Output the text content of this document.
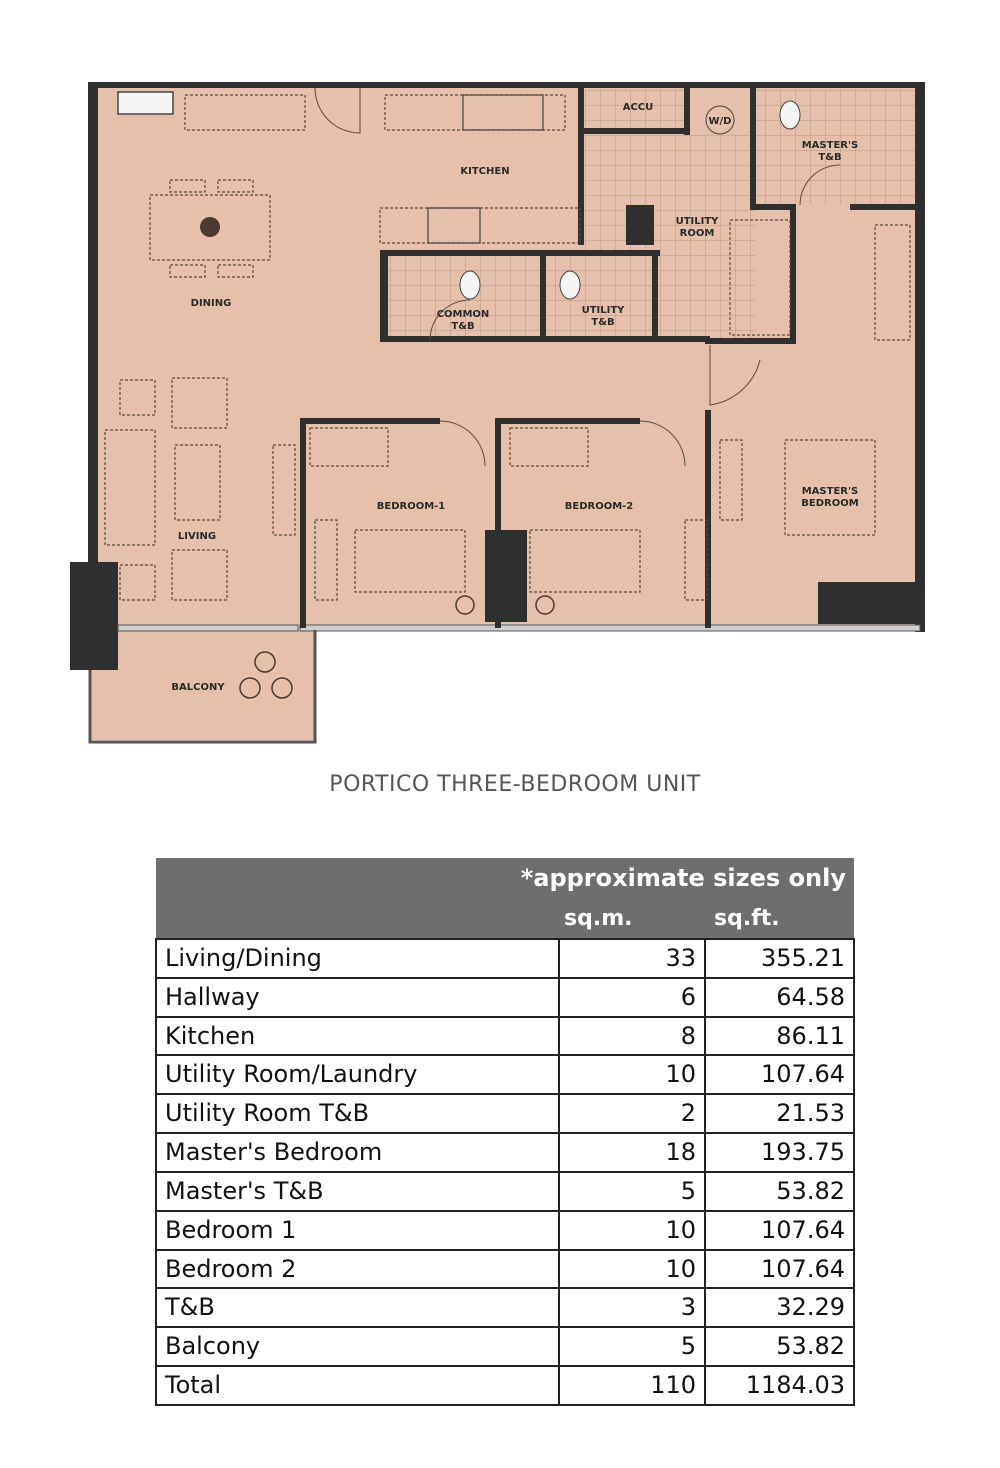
KITCHEN
ACCU
W/D
MASTER'S
T&B
UTILITY
ROOM
DINING
COMMON
T&B
UTILITY
T&B
LIVING
BEDROOM-1	BEDROOM-2
MASTER'S
BEDROOM
BALCONY
PORTICO THREE-BEDROOM UNIT
*approximate sizes only
sq.m. sq.ft.		

Living/Dining	33	355.21
Hallway	6	64.58
Kitchen	8	86.11
Utility Room/Laundry	10	107.64
Utility Room T&B	2	21.53
Master's Bedroom	18	193.75
Master's T&B	5	53.82
Bedroom 1	10	107.64
Bedroom 2	10	107.64
T&B	3	32.29
Balcony	5	53.82
Total	110	1184.03
